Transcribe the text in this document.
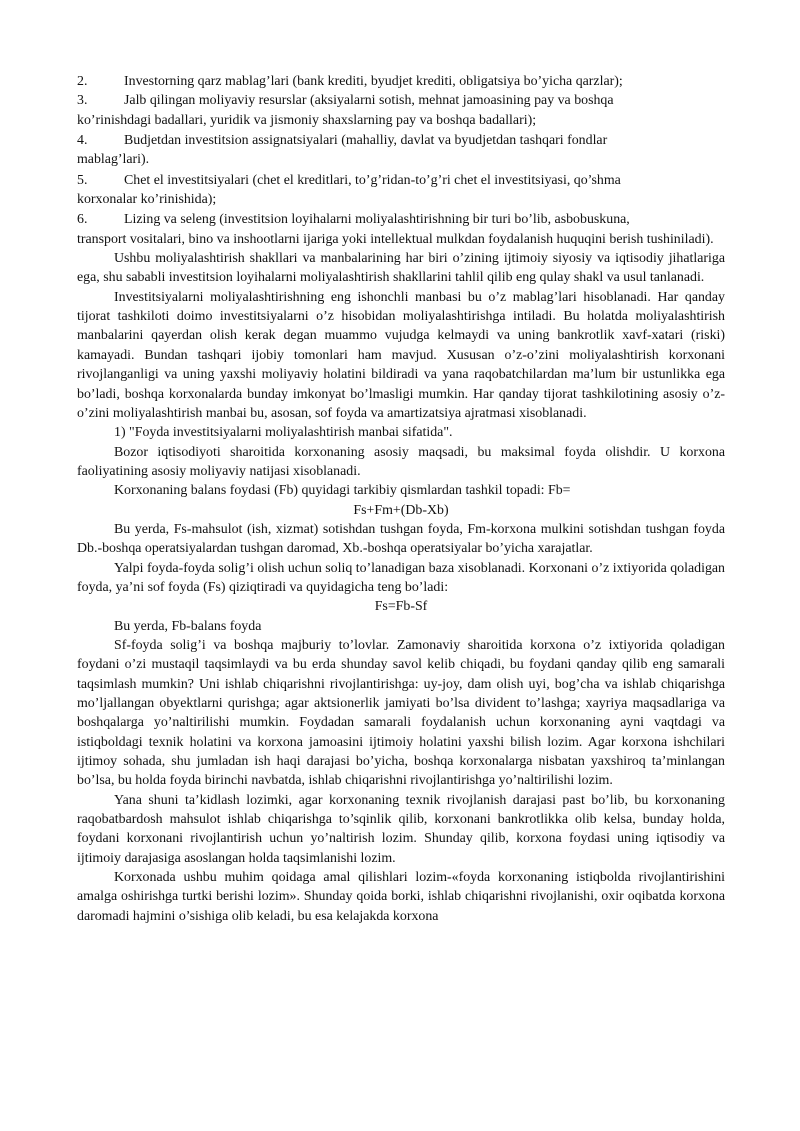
2.	Investorning qarz mablag’lari (bank krediti, byudjet krediti, obligatsiya bo’yicha qarzlar);
3.	Jalb qilingan moliyaviy resurslar (aksiyalarni sotish, mehnat jamoasining pay va boshqa

ko’rinishdagi badallari, yuridik va jismoniy shaxslarning pay va boshqa badallari);

4.	Budjetdan investitsion assignatsiyalari (mahalliy, davlat va byudjetdan tashqari fondlar

mablag’lari).

5.	Chet el investitsiyalari (chet el kreditlari, to’g’ridan-to’g’ri chet el investitsiyasi, qo’shma

korxonalar ko’rinishida);

6.	Lizing va seleng (investitsion loyihalarni moliyalashtirishning bir turi bo’lib, asbobuskuna,

transport vositalari, bino va inshootlarni ijariga yoki intellektual mulkdan foydalanish huquqini berish tushiniladi).

Ushbu moliyalashtirish shakllari va manbalarining har biri o’zining ijtimoiy siyosiy va iqtisodiy jihatlariga ega, shu sababli investitsion loyihalarni moliyalashtirish shakllarini tahlil qilib eng qulay shakl va usul tanlanadi.

Investitsiyalarni moliyalashtirishning eng ishonchli manbasi bu o’z mablag’lari hisoblanadi. Har qanday tijorat tashkiloti doimo investitsiyalarni o’z hisobidan moliyalashtirishga intiladi. Bu holatda moliyalashtirish manbalarini qayerdan olish kerak degan muammo vujudga kelmaydi va uning bankrotlik xavf-xatari (riski) kamayadi. Bundan tashqari ijobiy tomonlari ham mavjud. Xususan o’z-o’zini moliyalashtirish korxonani rivojlanganligi va uning yaxshi moliyaviy holatini bildiradi va yana raqobatchilardan ma’lum bir ustunlikka ega bo’ladi, boshqa korxonalarda bunday imkonyat bo’lmasligi mumkin. Har qanday tijorat tashkilotining asosiy o’z-o’zini moliyalashtirish manbai bu, asosan, sof foyda va amartizatsiya ajratmasi xisoblanadi.

1) "Foyda investitsiyalarni moliyalashtirish manbai sifatida".

Bozor iqtisodiyoti sharoitida korxonaning asosiy maqsadi, bu maksimal foyda olishdir. U korxona faoliyatining asosiy moliyaviy natijasi xisoblanadi.

Korxonaning balans foydasi (Fb) quyidagi tarkibiy qismlardan tashkil topadi: Fb=

Fs+Fm+(Db-Xb)

Bu yerda, Fs-mahsulot (ish, xizmat) sotishdan tushgan foyda, Fm-korxona mulkini sotishdan tushgan foyda Db.-boshqa operatsiyalardan tushgan daromad, Xb.-boshqa operatsiyalar bo’yicha xarajatlar.

Yalpi foyda-foyda solig’i olish uchun soliq to’lanadigan baza xisoblanadi. Korxonani o’z ixtiyorida qoladigan foyda, ya’ni sof foyda (Fs) qiziqtiradi va quyidagicha teng bo’ladi:

Fs=Fb-Sf

Bu yerda, Fb-balans foyda

Sf-foyda solig’i va boshqa majburiy to’lovlar. Zamonaviy sharoitida korxona o’z ixtiyorida qoladigan foydani o’zi mustaqil taqsimlaydi va bu erda shunday savol kelib chiqadi, bu foydani qanday qilib eng samarali taqsimlash mumkin? Uni ishlab chiqarishni rivojlantirishga: uy-joy, dam olish uyi, bog’cha va ishlab chiqarishga mo’ljallangan obyektlarni qurishga; agar aktsionerlik jamiyati bo’lsa divident to’lashga; xayriya maqsadlariga va boshqalarga yo’naltirilishi mumkin. Foydadan samarali foydalanish uchun korxonaning ayni vaqtdagi va istiqboldagi texnik holatini va korxona jamoasini ijtimoiy holatini yaxshi bilish lozim. Agar korxona ishchilari ijtimoy sohada, shu jumladan ish haqi darajasi bo’yicha, boshqa korxonalarga nisbatan yaxshiroq ta’minlangan bo’lsa, bu holda foyda birinchi navbatda, ishlab chiqarishni rivojlantirishga yo’naltirilishi lozim.

Yana shuni ta’kidlash lozimki, agar korxonaning texnik rivojlanish darajasi past bo’lib, bu korxonaning raqobatbardosh mahsulot ishlab chiqarishga to’sqinlik qilib, korxonani bankrotlikka olib kelsa, bunday holda, foydani korxonani rivojlantirish uchun yo’naltirish lozim. Shunday qilib, korxona foydasi uning iqtisodiy va ijtimoiy darajasiga asoslangan holda taqsimlanishi lozim.

Korxonada ushbu muhim qoidaga amal qilishlari lozim-«foyda korxonaning istiqbolda rivojlantirishini amalga oshirishga turtki berishi lozim». Shunday qoida borki, ishlab chiqarishni rivojlanishi, oxir oqibatda korxona daromadi hajmini o’sishiga olib keladi, bu esa kelajakda korxona
